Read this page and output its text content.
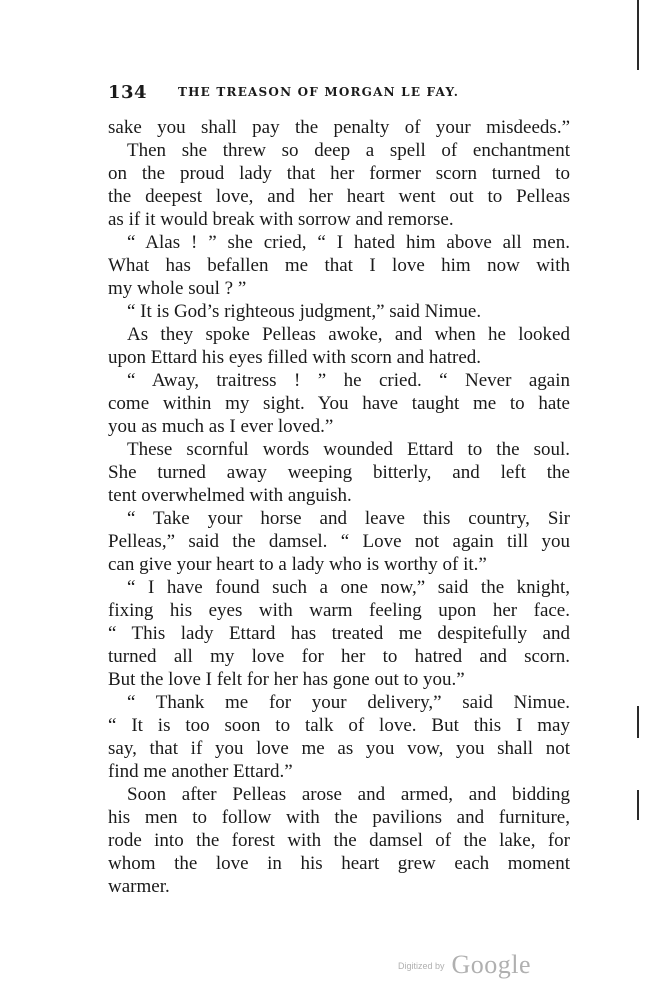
134	THE TREASON OF MORGAN LE FAY.
sake you shall pay the penalty of your misdeeds.”
 Then she threw so deep a spell of enchantment
on the proud lady that her former scorn turned to
the deepest love, and her heart went out to Pelleas
as if it would break with sorrow and remorse.
 “ Alas ! ” she cried, “ I hated him above all men.
What has befallen me that I love him now with
my whole soul ? ”
 “ It is God’s righteous judgment,” said Nimue.
 As they spoke Pelleas awoke, and when he looked
upon Ettard his eyes filled with scorn and hatred.
 “ Away, traitress ! ” he cried. “ Never again
come within my sight. You have taught me to hate
you as much as I ever loved.”
 These scornful words wounded Ettard to the soul.
She turned away weeping bitterly, and left the
tent overwhelmed with anguish.
 “ Take your horse and leave this country, Sir
Pelleas,” said the damsel. “ Love not again till you
can give your heart to a lady who is worthy of it.”
 “ I have found such a one now,” said the knight,
fixing his eyes with warm feeling upon her face.
“ This lady Ettard has treated me despitefully and
turned all my love for her to hatred and scorn.
But the love I felt for her has gone out to you.”
 “ Thank me for your delivery,” said Nimue.
“ It is too soon to talk of love. But this I may
say, that if you love me as you vow, you shall not
find me another Ettard.”
 Soon after Pelleas arose and armed, and bidding
his men to follow with the pavilions and furniture,
rode into the forest with the damsel of the lake, for
whom the love in his heart grew each moment
warmer.
$^{Digitized by}$ Google
